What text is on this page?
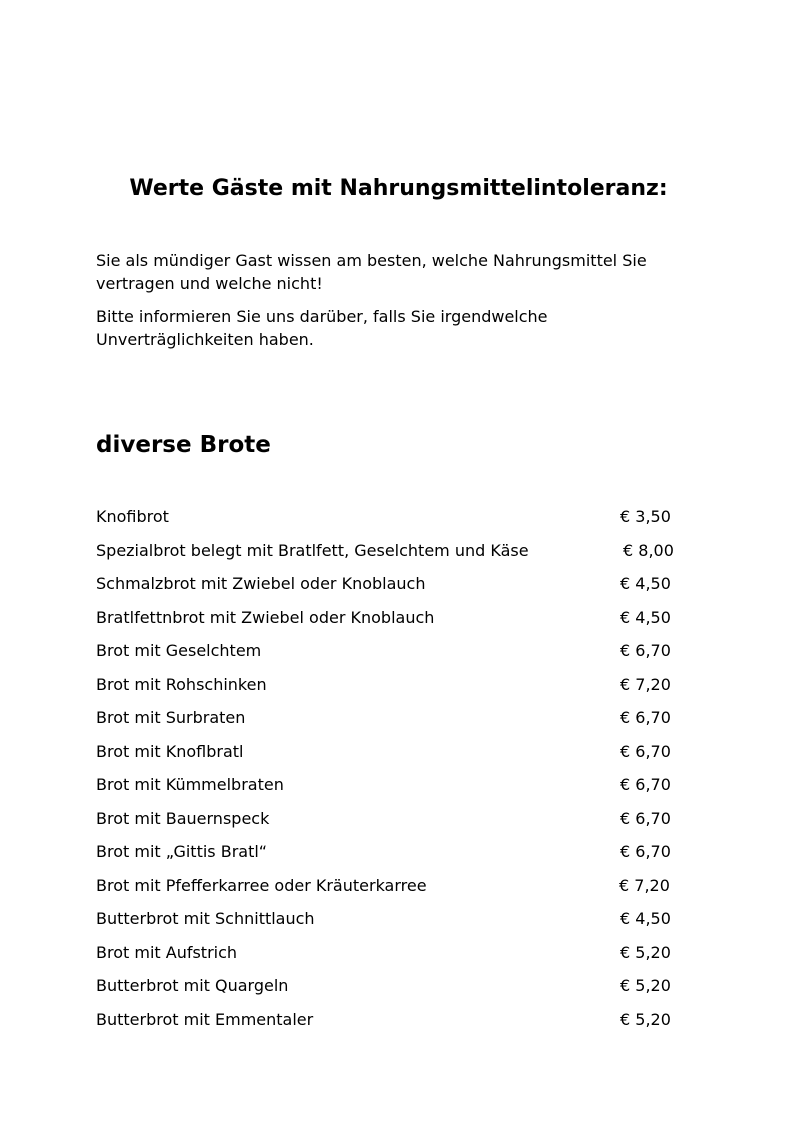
Werte Gäste mit Nahrungsmittelintoleranz:

Sie als mündiger Gast wissen am besten, welche Nahrungsmittel Sie vertragen und welche nicht!

Bitte informieren Sie uns darüber, falls Sie irgendwelche Unverträglichkeiten haben.

diverse Brote
Knofibrot	€ 3,50
Spezialbrot belegt mit Bratlfett, Geselchtem und Käse	€ 8,00
Schmalzbrot mit Zwiebel oder Knoblauch	€ 4,50
Bratlfettnbrot mit Zwiebel oder Knoblauch	€ 4,50
Brot mit Geselchtem	€ 6,70
Brot mit Rohschinken	€ 7,20
Brot mit Surbraten	€ 6,70
Brot mit Knoflbratl	€ 6,70
Brot mit Kümmelbraten	€ 6,70
Brot mit Bauernspeck	€ 6,70
Brot mit „Gittis Bratl“	€ 6,70
Brot mit Pfefferkarree oder Kräuterkarree	€ 7,20
Butterbrot mit Schnittlauch	€ 4,50
Brot mit Aufstrich	€ 5,20
Butterbrot mit Quargeln	€ 5,20
Butterbrot mit Emmentaler	€ 5,20
